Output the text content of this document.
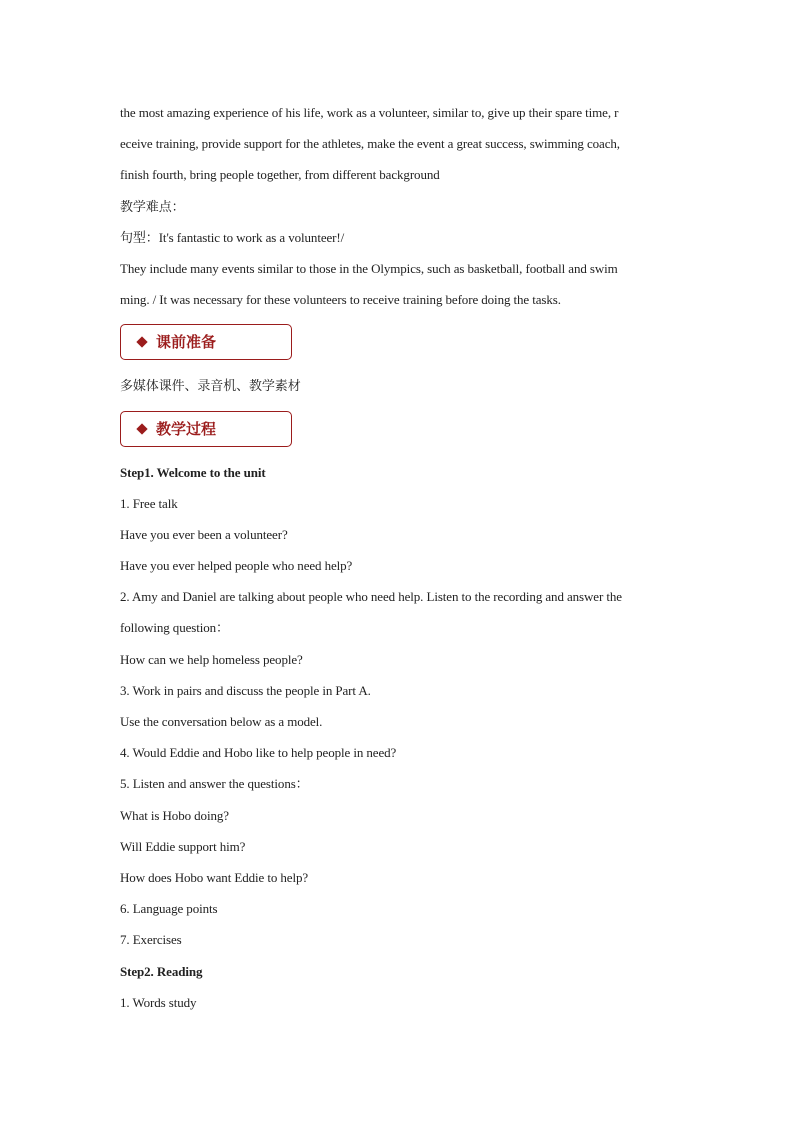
the most amazing experience of his life, work as a volunteer, similar to, give up their spare time, r
eceive training, provide support for the athletes, make the event a great success, swimming coach,
finish fourth, bring people together, from different background
教学难点：
句型：It's fantastic to work as a volunteer!/
They include many events similar to those in the Olympics, such as basketball, football and swim
ming. / It was necessary for these volunteers to receive training before doing the tasks.
课前准备
多媒体课件、录音机、教学素材
教学过程
Step1. Welcome to the unit
1. Free talk
Have you ever been a volunteer?
Have you ever helped people who need help?
2. Amy and Daniel are talking about people who need help. Listen to the recording and answer the
following question：
How can we help homeless people?
3. Work in pairs and discuss the people in Part A.
Use the conversation below as a model.
4. Would Eddie and Hobo like to help people in need?
5. Listen and answer the questions：
What is Hobo doing?
Will Eddie support him?
How does Hobo want Eddie to help?
6. Language points
7. Exercises
Step2. Reading
1. Words study
